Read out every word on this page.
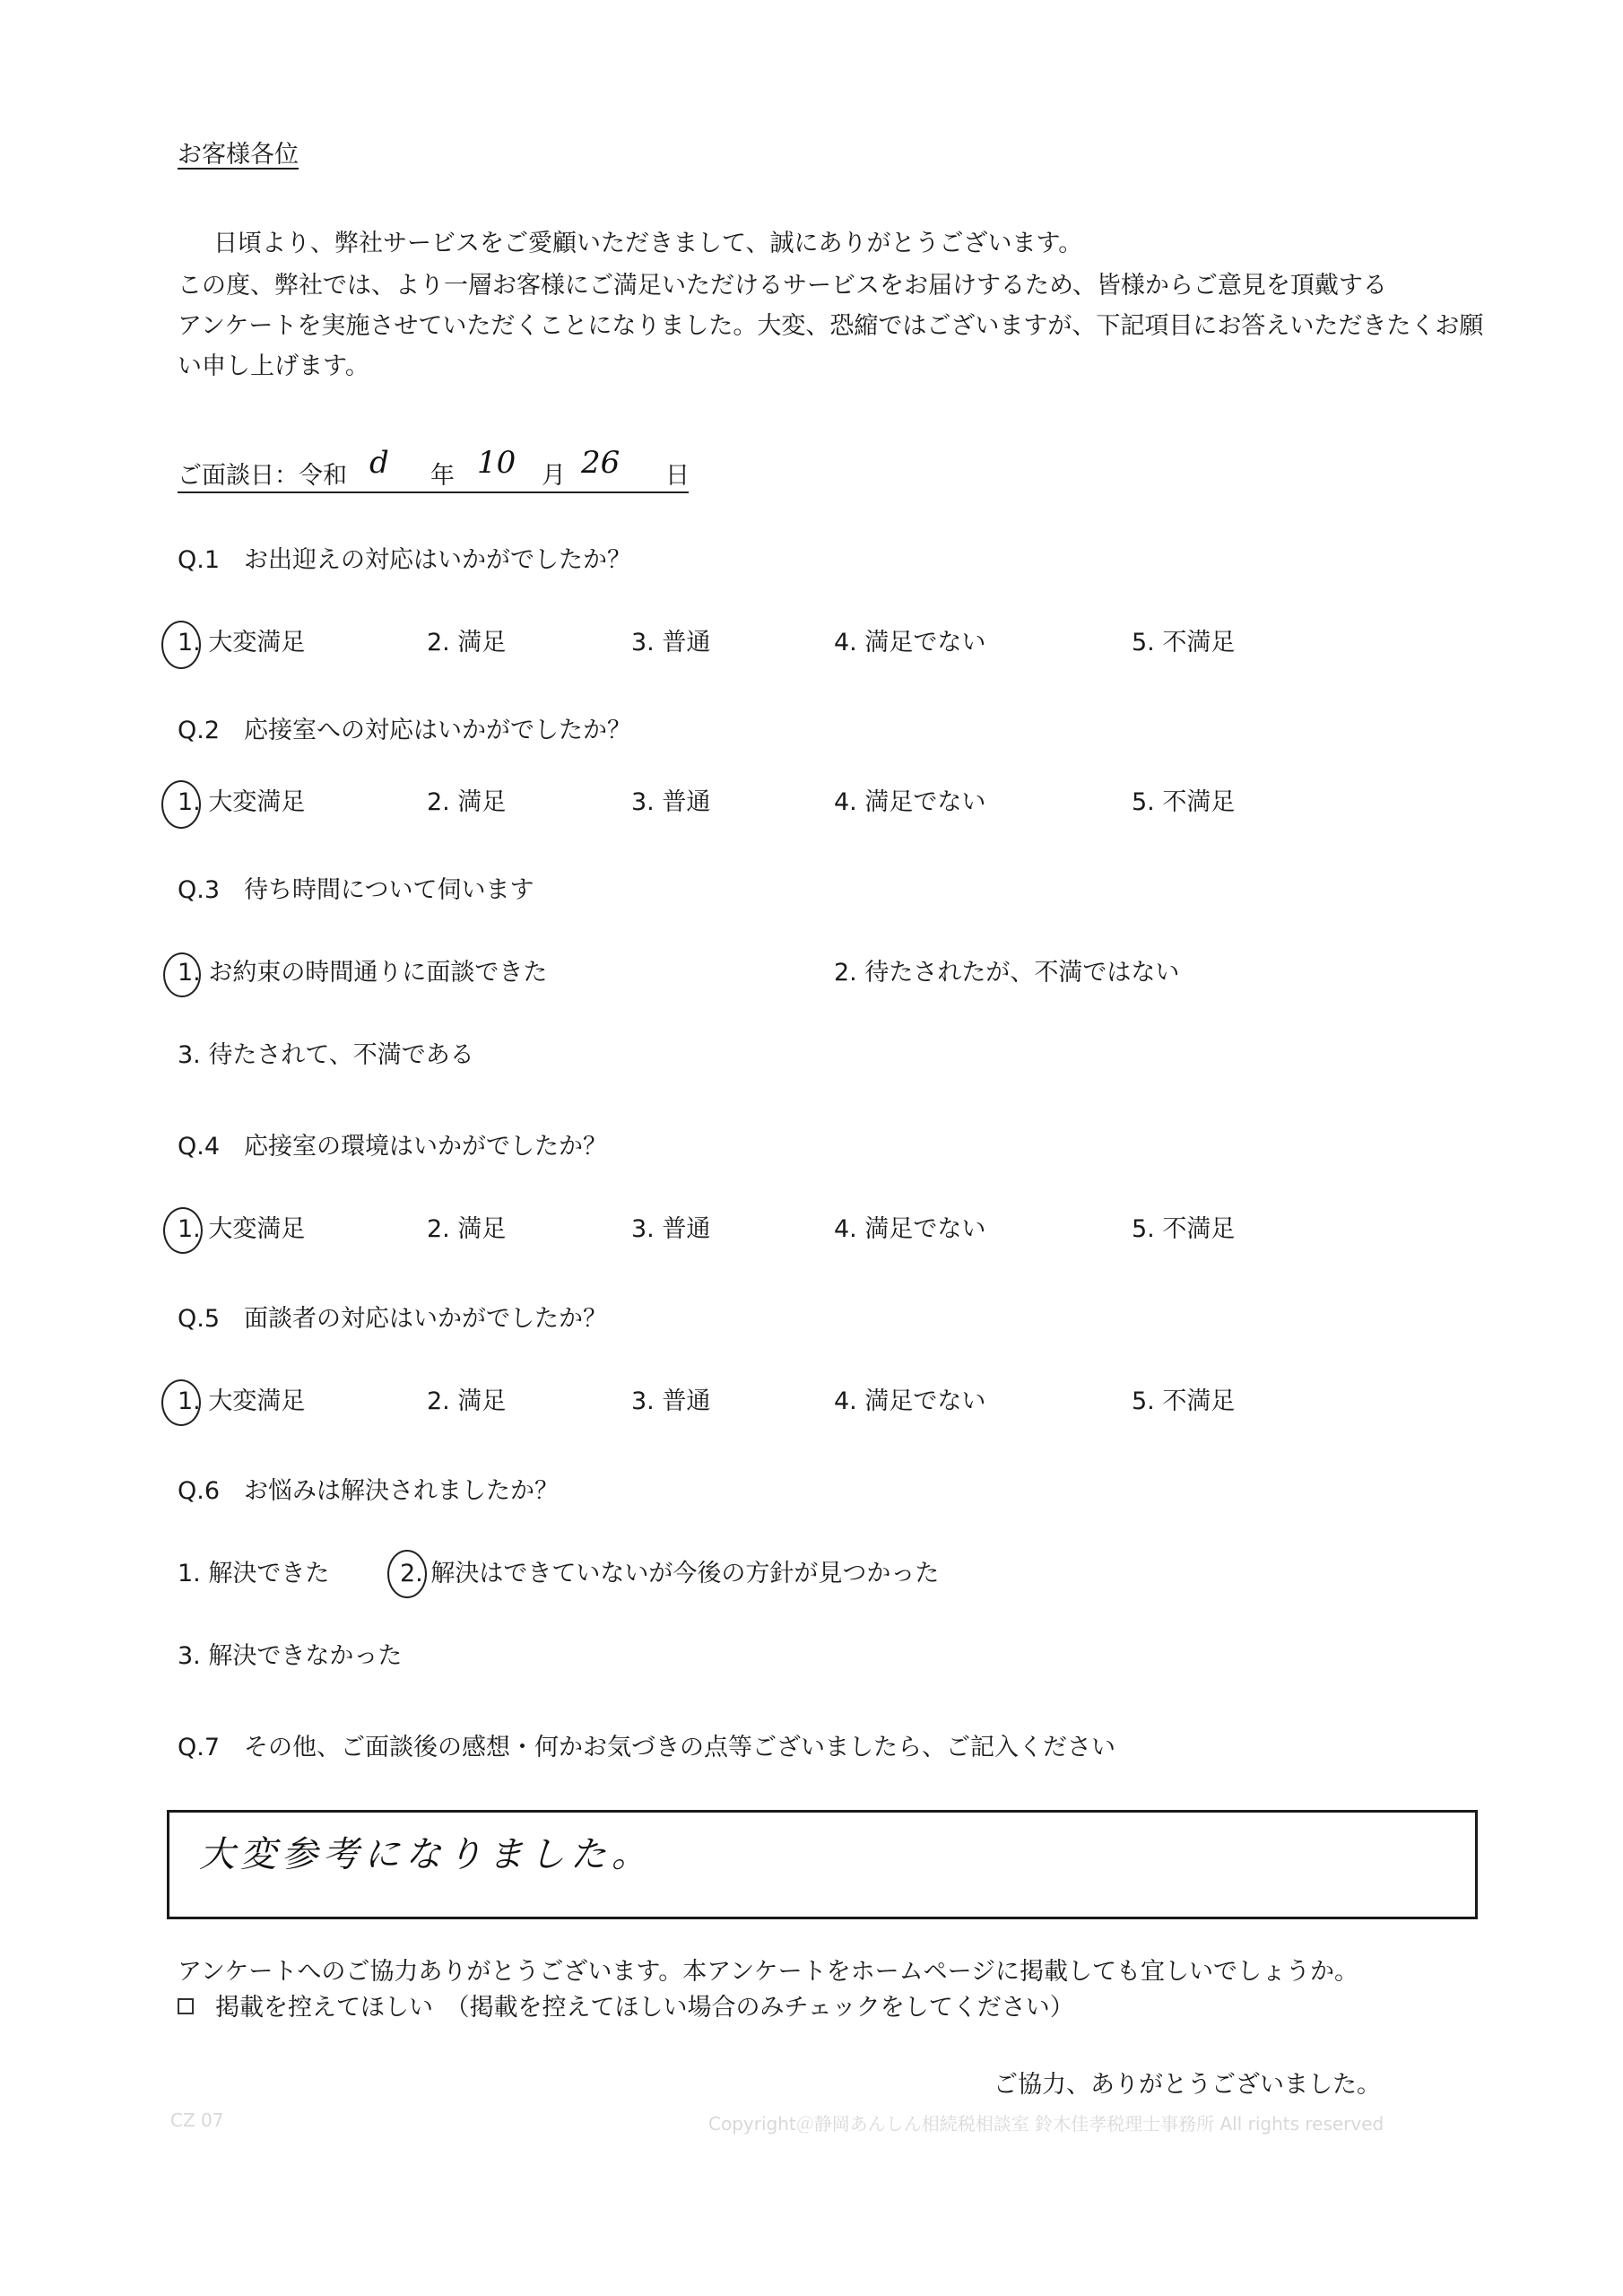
お客様各位
日頃より、弊社サービスをご愛顧いただきまして、誠にありがとうございます。
この度、弊社では、より一層お客様にご満足いただけるサービスをお届けするため、皆様からご意見を頂戴する
アンケートを実施させていただくことになりました。大変、恐縮ではございますが、下記項目にお答えいただきたくお願
い申し上げます。
ご面談日：令和 d 年 10 月 26 日
Q.1　お出迎えの対応はいかがでしたか？
1. 大変満足	2. 満足	3. 普通	4. 満足でない	5. 不満足
Q.2　応接室への対応はいかがでしたか？
1. 大変満足	2. 満足	3. 普通	4. 満足でない	5. 不満足
Q.3　待ち時間について伺います
1. お約束の時間通りに面談できた	2. 待たされたが、不満ではない
3. 待たされて、不満である
Q.4　応接室の環境はいかがでしたか？
1. 大変満足	2. 満足	3. 普通	4. 満足でない	5. 不満足
Q.5　面談者の対応はいかがでしたか？
1. 大変満足	2. 満足	3. 普通	4. 満足でない	5. 不満足
Q.6　お悩みは解決されましたか？
1. 解決できた	2. 解決はできていないが今後の方針が見つかった
3. 解決できなかった
Q.7　その他、ご面談後の感想・何かお気づきの点等ございましたら、ご記入ください
大変参考になりました。
アンケートへのご協力ありがとうございます。本アンケートをホームページに掲載しても宜しいでしょうか。
掲載を控えてほしい　（掲載を控えてほしい場合のみチェックをしてください）
ご協力、ありがとうございました。
CZ 07	Copyright＠静岡あんしん相続税相談室 鈴木佳孝税理士事務所 All rights reserved
